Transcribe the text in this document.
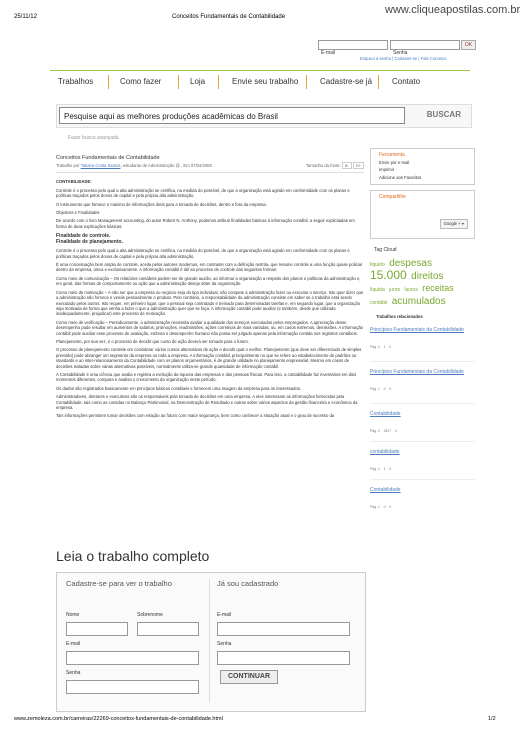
25/11/12	Conceitos Fundamentais de Contabilidade
www.cliqueapostilas.com.br
E-mail	Senha
OK
Esqueci a senha | Cadastre-se | Fale Conosco
Trabalhos	Como fazer	Loja	Envie seu trabalho	Cadastre-se já Contato
Pesquise aqui as melhores produções acadêmicas do Brasil	BUSCAR
Fazer busca avançada
Conceitos Fundamentais de Contabilidade
Trabalho por Tatiana Costa Santos, estudante de Administração @ , Em 07/04/2005	Tamanho da fonte: a- A+
CONTABILIDADE:
Controle é o processo pelo qual a alta administração se certifica, na medida do possível, de que a organização está agindo em conformidade com os planos e políticas traçados pelos donos de capital e pela própria alta administração.
O instrumento que fornece o máximo de informações úteis para a tomada de decisões, dentro e fora da empresa.
Objetivos e Finalidades
De acordo com o livro Management accounting, do autor Robert N. Anthony, podemos atribuir finalidades básicas à informação contábil, a seguir explicitadas em forma de duas explicações básicas:
Finalidade de controle.
Finalidade de planejamento.
Controle é o processo pelo qual a alta administração se certifica, na medida do possível, de que a organização está agindo em conformidade com os planos e políticas traçados pelos donos de capital e pela própria alta administração.
É uma conceituação bem ampla de controle, aceita pelos autores modernos, em contraste com a definição restrita, que resume controle a uma função quase policial dentro da empresa, única e exclusivamente. A informação contábil é útil ao processo de controle das seguintes formas:
Como meio de comunicação – Os relatórios contábeis podem ser de grande auxílio, ao informar a organização a respeito dos planos e políticas da administração e, em geral, das formas de comportamento ou ação que a administração deseja obter da organização.
Como meio de motivação – A não ser que a empresa ou negócio seja do tipo individual, não compete à administração fazer ou executar o serviço. Isto quer dizer que a administração não fornece e vende pessoalmente o produto. Pelo contrário, a responsabilidade da administração consiste em saber se o trabalho está sendo executado pelos outros. Isto requer, em primeiro lugar, que o pessoal seja contratado e treinado para determinadas tarefas e, em segundo lugar, que a organização seja motivada de forma que venha a fazer o que a administração quer que se faça. A informação contábil pode auxiliar (e também, desde que utilizada inadequadamente, prejudicar) este processo de motivação.
Como meio de verificação – Periodicamente, a administração necessita avaliar a qualidade dos serviços executados pelos empregados. A apreciação desse desempenho pode resultar em aumentos de salários, promoções, readmissões, ações corretivas de mais variadas, ou, em casos extremos, demissões. A informação contábil pode auxiliar esse processo de avaliação, embora o desempenho humano não possa ser julgado apenas pela informação contida nos registros contábeis.
Planejamento, por sua vez, é o processo de decidir que curso de ação deverá ser tomado para o futuro.
O processo de planejamento consiste em considerar vários cursos alternativos de ação e decidir qual o melhor. Planejamento (que deve ser diferenciado de simples previsão) pode abranger um segmento da empresa ou toda a empresa. A informação contábil, principalmente no que se refere ao estabelecimento de padrões ou standards e ao inter-relacionamento da Contabilidade com os planos orçamentários, é de grande utilidade no planejamento empresarial. Mesmo em casos de decisões isoladas sobre várias alternativas possíveis, normalmente utiliza-se grande quantidade de informação contábil.
A Contabilidade é uma ciência que avalia e registra a evolução da riqueza das empresas e das pessoas físicas. Para isso, a contabilidade faz inventários em dois momentos diferentes, compara e analisa o crescimento da organização neste período.
Os dados são registrados basicamente em princípios básicos contábeis e fornecem uma imagem da empresa para os interessados.
Administradores, diretores e executivos são os responsáveis pela tomada de decisões em uma empresa. A eles interessam as informações fornecidas pela Contabilidade, tais como as contidas no Balanço Patrimonial, na Demonstração de Resultado e outras sobre vários aspectos da gestão financeira e econômica da empresa.
Tais informações permitem tomar decisões com relação ao futuro com maior segurança, bem como conhecer a situação atual e o grau de sucesso da
Ferramenta
Envie por e-mail
Imprimir
Adicione aos Favoritos
Compartilhe
Google + ▾
Tag Cloud
líquido despesas
15.000 direitos
líquida juros lucros receitas
contábil acumulados
Trabalhos relacionados
Princípios Fundamentais da Contabilidade
Pág. 1 1 0
Princípios Fundamentais da Contabilidade
Pág. 1 0 0
Contabilidade
Pág. 2 2817 4
contabilidade
Pág. 1 1 0
Contabilidade
Pág. 1 0 0
Leia o trabalho completo
Cadastre-se para ver o trabalho	Já sou cadastrado
Nome	Sobrenome
E-mail
Senha
E-mail
Senha
CONTINUAR
www.zemoleza.com.br/carreiras/22269-conceitos-fundamentais-de-contabilidade.html	1/2
